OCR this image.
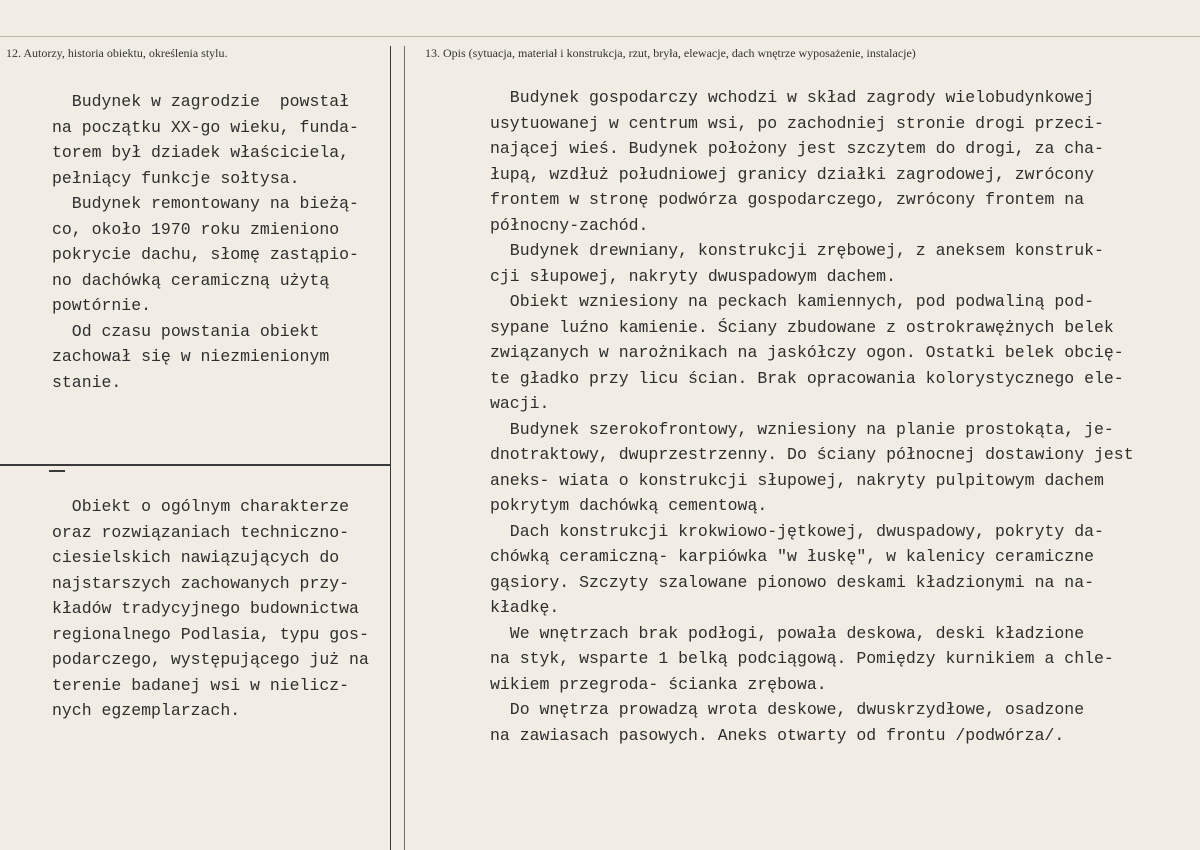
12. Autorzy, historia obiektu, określenia stylu.	13. Opis (sytuacja, materiał i konstrukcja, rzut, bryła, elewacje, dach wnętrze wyposażenie, instalacje)
Budynek w zagrodzie  powstał
na początku XX-go wieku, funda-
torem był dziadek właściciela,
pełniący funkcje sołtysa.
Budynek remontowany na bieżą-
co, około 1970 roku zmieniono
pokrycie dachu, słomę zastąpio-
no dachówką ceramiczną użytą
powtórnie.
Od czasu powstania obiekt
zachował się w niezmienionym
stanie.
Obiekt o ogólnym charakterze
oraz rozwiązaniach techniczno-
ciesielskich nawiązujących do
najstarszych zachowanych przy-
kładów tradycyjnego budownictwa
regionalnego Podlasia, typu gos-
podarczego, występującego już na
terenie badanej wsi w nielicz-
nych egzemplarzach.
Budynek gospodarczy wchodzi w skład zagrody wielobudynkowej
usytuowanej w centrum wsi, po zachodniej stronie drogi przeci-
nającej wieś. Budynek położony jest szczytem do drogi, za cha-
łupą, wzdłuż południowej granicy działki zagrodowej, zwrócony
frontem w stronę podwórza gospodarczego, zwrócony frontem na
północny-zachód.
Budynek drewniany, konstrukcji zrębowej, z aneksem konstruk-
cji słupowej, nakryty dwuspadowym dachem.
Obiekt wzniesiony na peckach kamiennych, pod podwaliną pod-
sypane luźno kamienie. Ściany zbudowane z ostrokrawężnych belek
związanych w narożnikach na jaskółczy ogon. Ostatki belek obcię-
te gładko przy licu ścian. Brak opracowania kolorystycznego ele-
wacji.
Budynek szerokofrontowy, wzniesiony na planie prostokąta, je-
dnotraktowy, dwuprzestrzenny. Do ściany północnej dostawiony jest
aneks- wiata o konstrukcji słupowej, nakryty pulpitowym dachem
pokrytym dachówką cementową.
Dach konstrukcji krokwiowo-jętkowej, dwuspadowy, pokryty da-
chówką ceramiczną- karpiówka "w łuskę", w kalenicy ceramiczne
gąsiory. Szczyty szalowane pionowo deskami kładzionymi na na-
kładkę.
We wnętrzach brak podłogi, powała deskowa, deski kładzione
na styk, wsparte 1 belką podciągową. Pomiędzy kurnikiem a chle-
wikiem przegroda- ścianka zrębowa.
Do wnętrza prowadzą wrota deskowe, dwuskrzydłowe, osadzone
na zawiasach pasowych. Aneks otwarty od frontu /podwórza/.
